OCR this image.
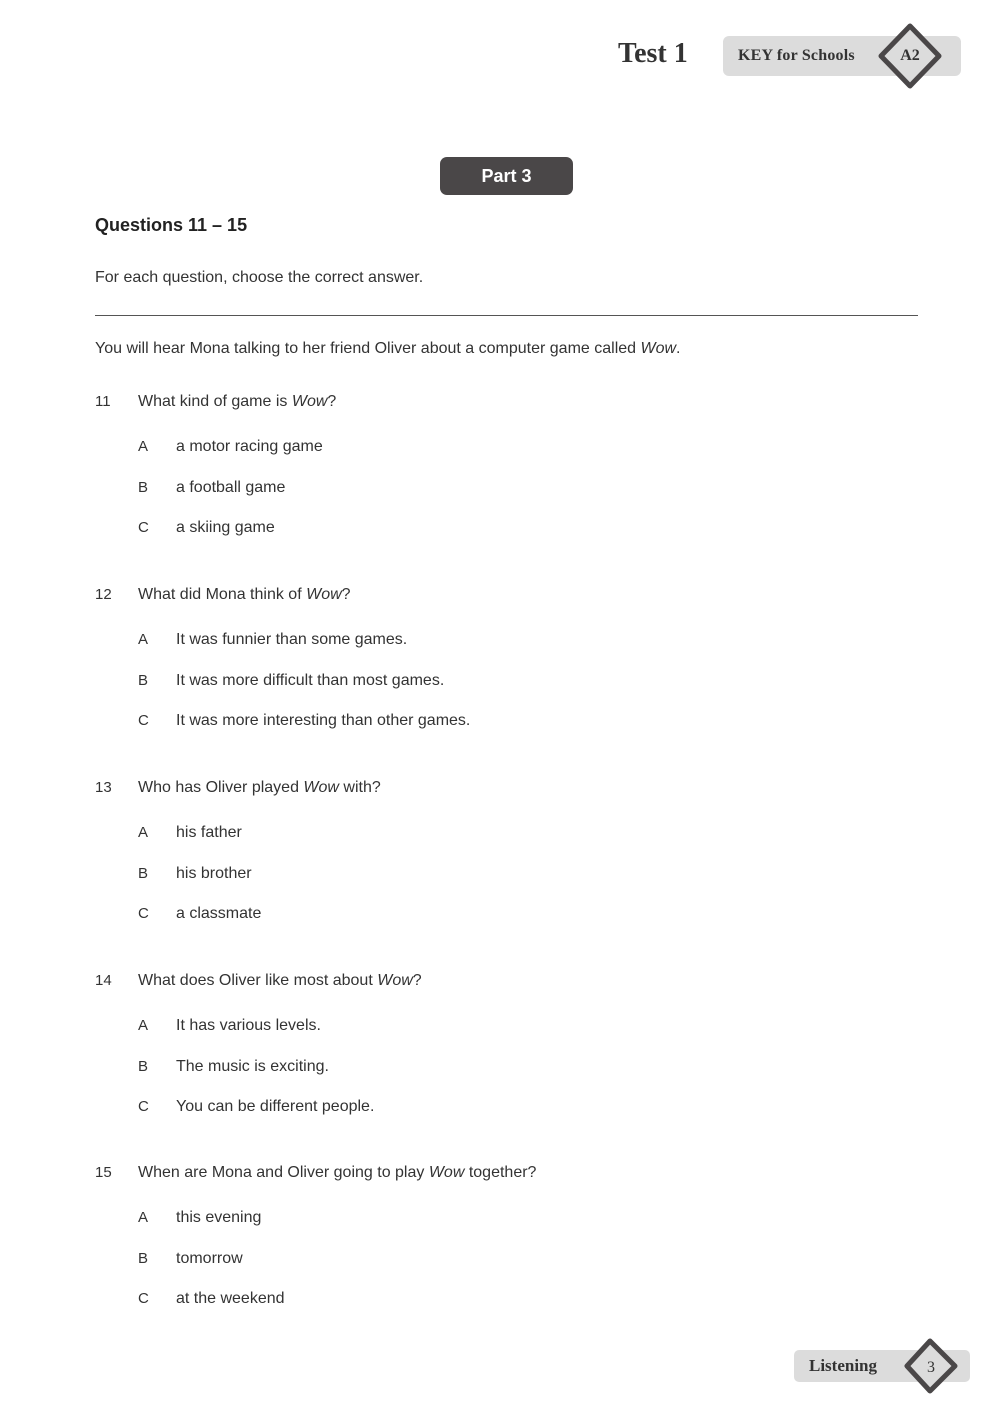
Test 1	KEY for Schools	A2
Part 3
Questions 11 – 15
For each question, choose the correct answer.
You will hear Mona talking to her friend Oliver about a computer game called Wow.
11 What kind of game is Wow?
A a motor racing game
B a football game
C a skiing game
12 What did Mona think of Wow?
A It was funnier than some games.
B It was more difficult than most games.
C It was more interesting than other games.
13 Who has Oliver played Wow with?
A his father
B his brother
C a classmate
14 What does Oliver like most about Wow?
A It has various levels.
B The music is exciting.
C You can be different people.
15 When are Mona and Oliver going to play Wow together?
A this evening
B tomorrow
C at the weekend
Listening	3
